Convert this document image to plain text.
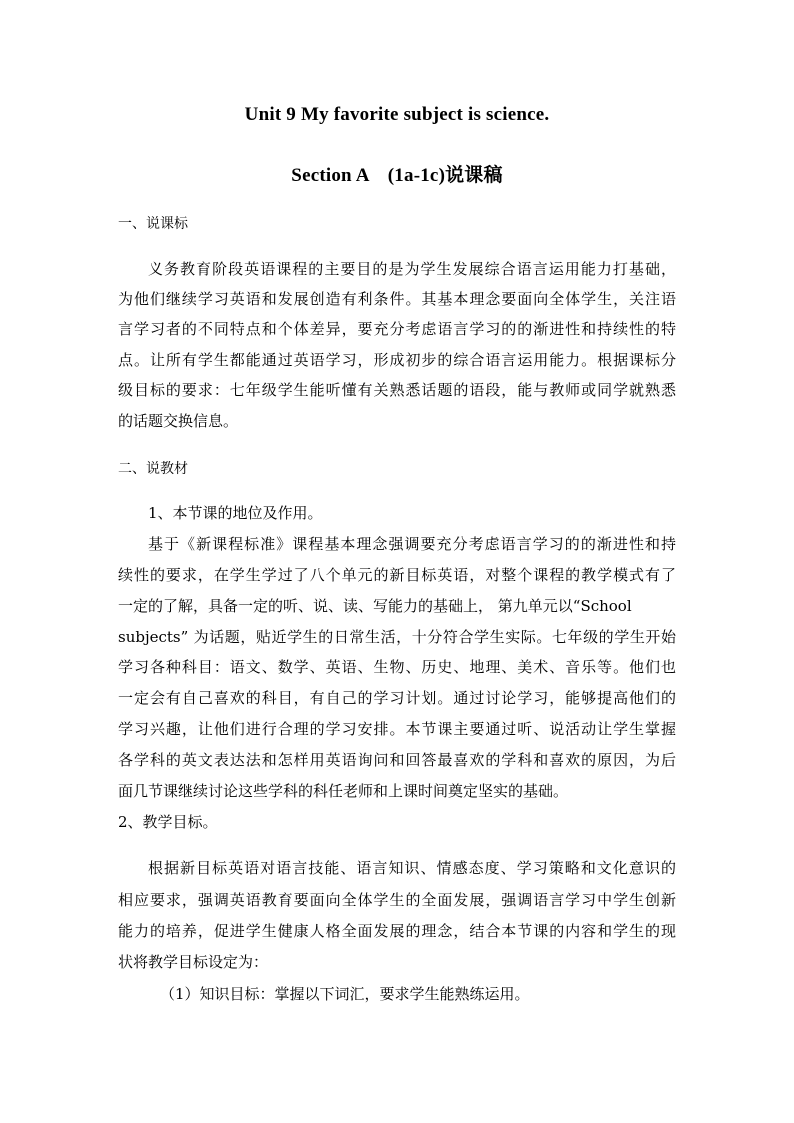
Unit 9 My favorite subject is science.
Section A　(1a-1c)说课稿

一、说课标

义务教育阶段英语课程的主要目的是为学生发展综合语言运用能力打基础，

为他们继续学习英语和发展创造有利条件。其基本理念要面向全体学生，关注语

言学习者的不同特点和个体差异，要充分考虑语言学习的的渐进性和持续性的特

点。让所有学生都能通过英语学习，形成初步的综合语言运用能力。根据课标分

级目标的要求：七年级学生能听懂有关熟悉话题的语段，能与教师或同学就熟悉

的话题交换信息。

二、说教材

1、本节课的地位及作用。

基于《新课程标准》课程基本理念强调要充分考虑语言学习的的渐进性和持

续性的要求，在学生学过了八个单元的新目标英语，对整个课程的教学模式有了

一定的了解，具备一定的听、说、读、写能力的基础上， 第九单元以“School

subjects” 为话题，贴近学生的日常生活，十分符合学生实际。七年级的学生开始

学习各种科目：语文、数学、英语、生物、历史、地理、美术、音乐等。他们也

一定会有自己喜欢的科目，有自己的学习计划。通过讨论学习，能够提高他们的

学习兴趣，让他们进行合理的学习安排。本节课主要通过听、说活动让学生掌握

各学科的英文表达法和怎样用英语询问和回答最喜欢的学科和喜欢的原因，为后

面几节课继续讨论这些学科的科任老师和上课时间奠定坚实的基础。

2、教学目标。

根据新目标英语对语言技能、语言知识、情感态度、学习策略和文化意识的

相应要求，强调英语教育要面向全体学生的全面发展，强调语言学习中学生创新

能力的培养，促进学生健康人格全面发展的理念，结合本节课的内容和学生的现

状将教学目标设定为：

（1）知识目标：掌握以下词汇，要求学生能熟练运用。
